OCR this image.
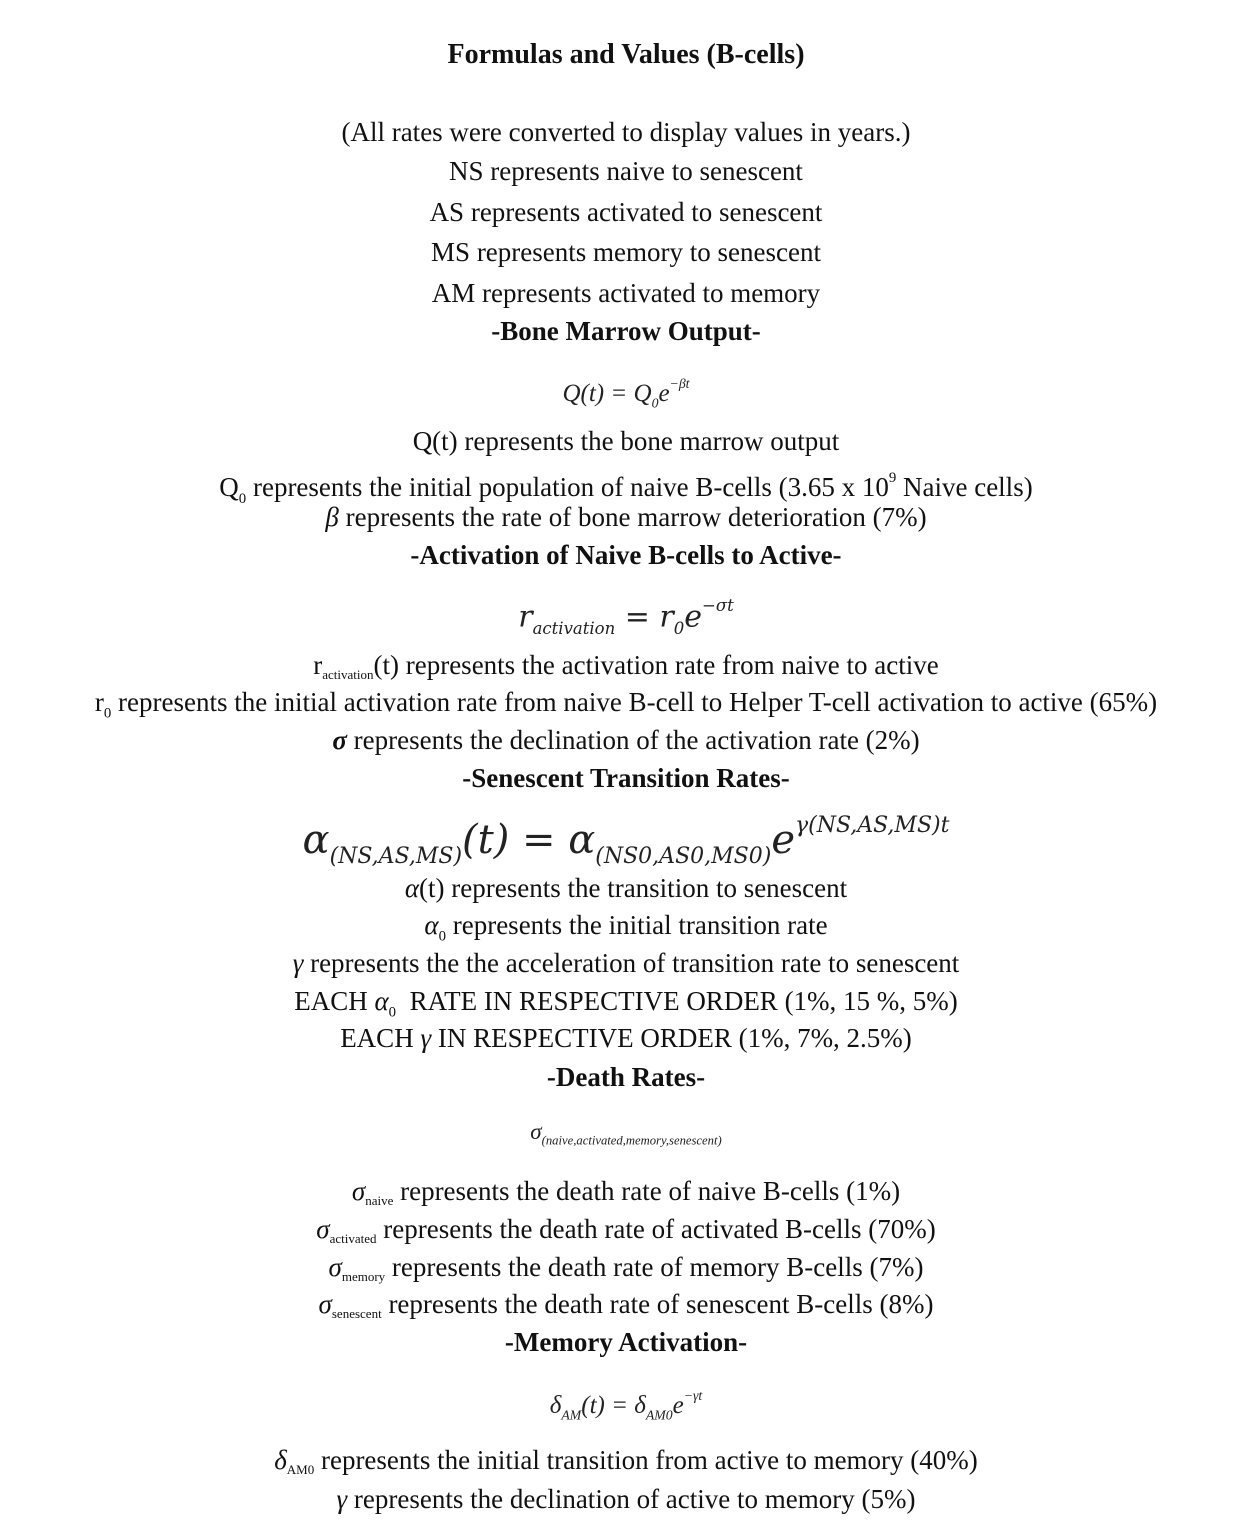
Formulas and Values (B-cells)
(All rates were converted to display values in years.)
NS represents naive to senescent
AS represents activated to senescent
MS represents memory to senescent
AM represents activated to memory
-Bone Marrow Output-
$Q(t) = Q_0e^{-\beta t}$
Q(t) represents the bone marrow output
$Q_0$ represents the initial population of naive B-cells (3.65 x $10^9$ Naive cells)
β represents the rate of bone marrow deterioration (7%)
-Activation of Naive B-cells to Active-
$r_{activation} = r_0e^{-\sigma t}$
ractivation(t) represents the activation rate from naive to active
$r_0$ represents the initial activation rate from naive B-cell to Helper T-cell activation to active (65%)
σ represents the declination of the activation rate (2%)
-Senescent Transition Rates-
$\alpha_{(NS,AS,MS)}(t) = \alpha_{(NS0,AS0,MS0)}e^{\gamma(NS,AS,MS)t}$
α(t) represents the transition to senescent
$\alpha_0$ represents the initial transition rate
γ represents the the acceleration of transition rate to senescent
EACH $\alpha_0$  RATE IN RESPECTIVE ORDER (1%, 15 %, 5%)
EACH γ IN RESPECTIVE ORDER (1%, 7%, 2.5%)
-Death Rates-
$\sigma_{(naive,activated,memory,senescent)}$
σnaive represents the death rate of naive B-cells (1%)
σactivated represents the death rate of activated B-cells (70%)
σmemory represents the death rate of memory B-cells (7%)
σsenescent represents the death rate of senescent B-cells (8%)
-Memory Activation-
$\delta_{AM}(t) = \delta_{AM0}e^{-\gamma t}$
δAM0 represents the initial transition from active to memory (40%)
γ represents the declination of active to memory (5%)
